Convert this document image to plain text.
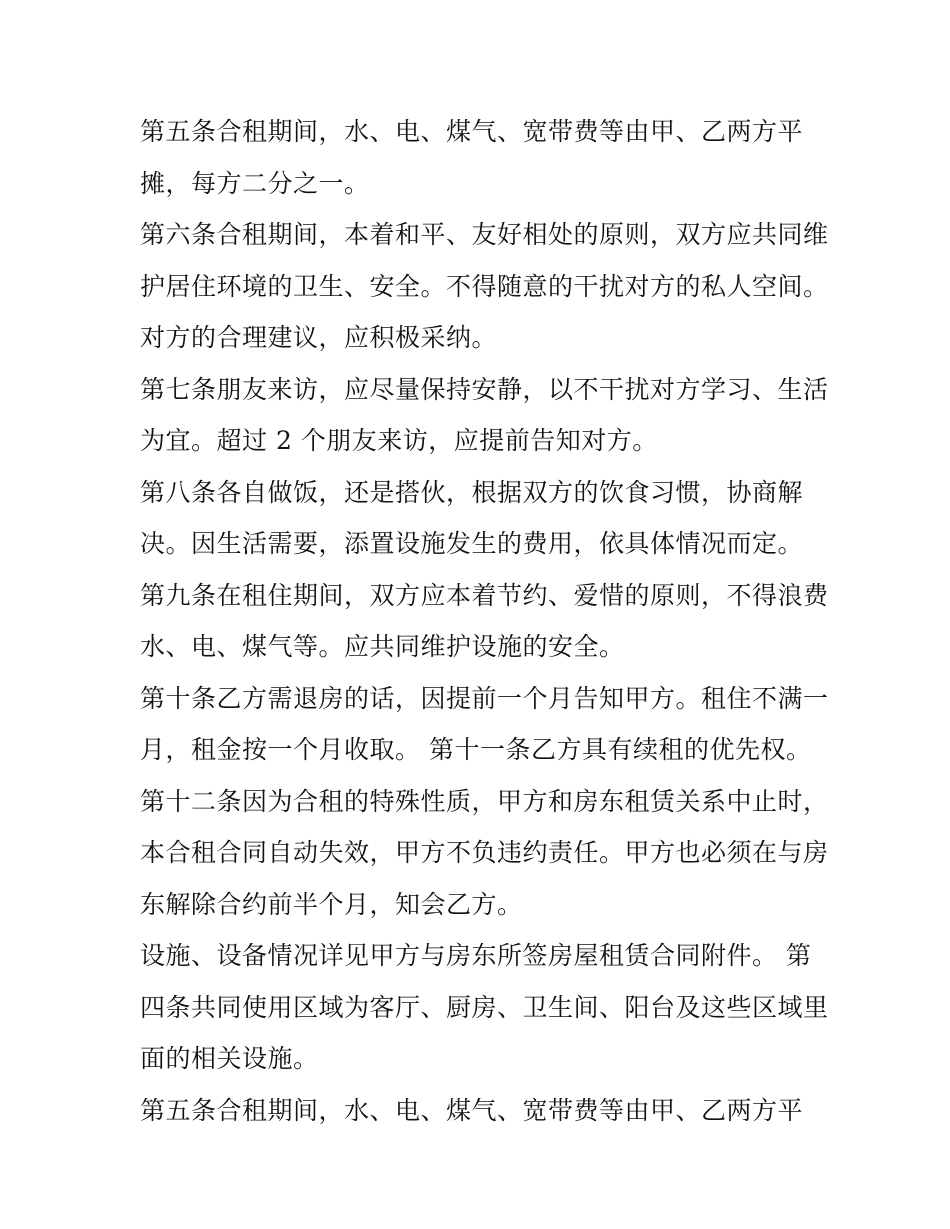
第五条合租期间，水、电、煤气、宽带费等由甲、乙两方平
摊，每方二分之一。

第六条合租期间，本着和平、友好相处的原则，双方应共同维
护居住环境的卫生、安全。不得随意的干扰对方的私人空间。
对方的合理建议，应积极采纳。

第七条朋友来访，应尽量保持安静，以不干扰对方学习、生活
为宜。超过 2 个朋友来访，应提前告知对方。

第八条各自做饭，还是搭伙，根据双方的饮食习惯，协商解
决。因生活需要，添置设施发生的费用，依具体情况而定。

第九条在租住期间，双方应本着节约、爱惜的原则，不得浪费
水、电、煤气等。应共同维护设施的安全。

第十条乙方需退房的话，因提前一个月告知甲方。租住不满一
月，租金按一个月收取。 第十一条乙方具有续租的优先权。

第十二条因为合租的特殊性质，甲方和房东租赁关系中止时，
本合租合同自动失效，甲方不负违约责任。甲方也必须在与房
东解除合约前半个月，知会乙方。

设施、设备情况详见甲方与房东所签房屋租赁合同附件。 第
四条共同使用区域为客厅、厨房、卫生间、阳台及这些区域里
面的相关设施。

第五条合租期间，水、电、煤气、宽带费等由甲、乙两方平
